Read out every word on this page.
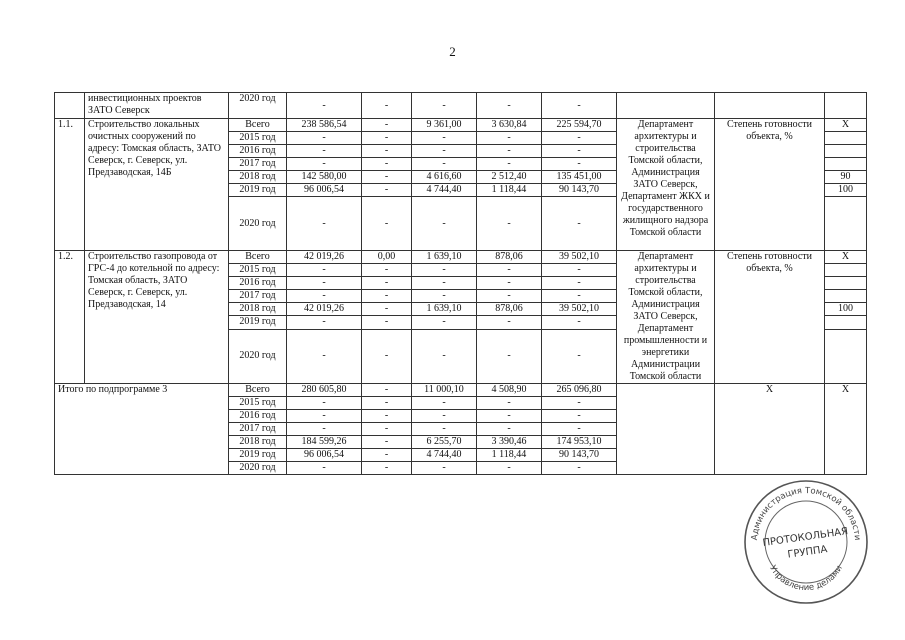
2
	инвестиционных проектов ЗАТО Северск	2020 год	-	-	-	-	-			
1.1.	Строительство локальных очистных сооружений по адресу: Томская область, ЗАТО Северск, г. Северск, ул. Предзаводская, 14Б	Всего	238 586,54	-	9 361,00	3 630,84	225 594,70	Департамент архитектуры и строительства Томской области, Администрация ЗАТО Северск, Департамент ЖКХ и государственного жилищного надзора Томской области	Степень готовности объекта, %	Х
		2015 год	-	-	-	-	-			
		2016 год	-	-	-	-	-			
		2017 год	-	-	-	-	-			
		2018 год	142 580,00	-	4 616,60	2 512,40	135 451,00			90
		2019 год	96 006,54	-	4 744,40	1 118,44	90 143,70			100
		2020 год	-	-	-	-	-			
1.2.	Строительство газопровода от ГРС-4 до котельной по адресу: Томская область, ЗАТО Северск, г. Северск, ул. Предзаводская, 14	Всего	42 019,26	0,00	1 639,10	878,06	39 502,10	Департамент архитектуры и строительства Томской области, Администрация ЗАТО Северск, Департамент промышленности и энергетики Администрации Томской области	Степень готовности объекта, %	Х
		2015 год	-	-	-	-	-			
		2016 год	-	-	-	-	-			
		2017 год	-	-	-	-	-			
		2018 год	42 019,26	-	1 639,10	878,06	39 502,10			100
		2019 год	-	-	-	-	-			
		2020 год	-	-	-	-	-			
Итого по подпрограмме 3		Всего	280 605,80	-	11 000,10	4 508,90	265 096,80		Х	Х
		2015 год	-	-	-	-	-			
		2016 год	-	-	-	-	-			
		2017 год	-	-	-	-	-			
		2018 год	184 599,26	-	6 255,70	3 390,46	174 953,10			
		2019 год	96 006,54	-	4 744,40	1 118,44	90 143,70			
		2020 год	-	-	-	-	-			
Администрация Томской области
Управление делами
ПРОТОКОЛЬНАЯ
ГРУППА
